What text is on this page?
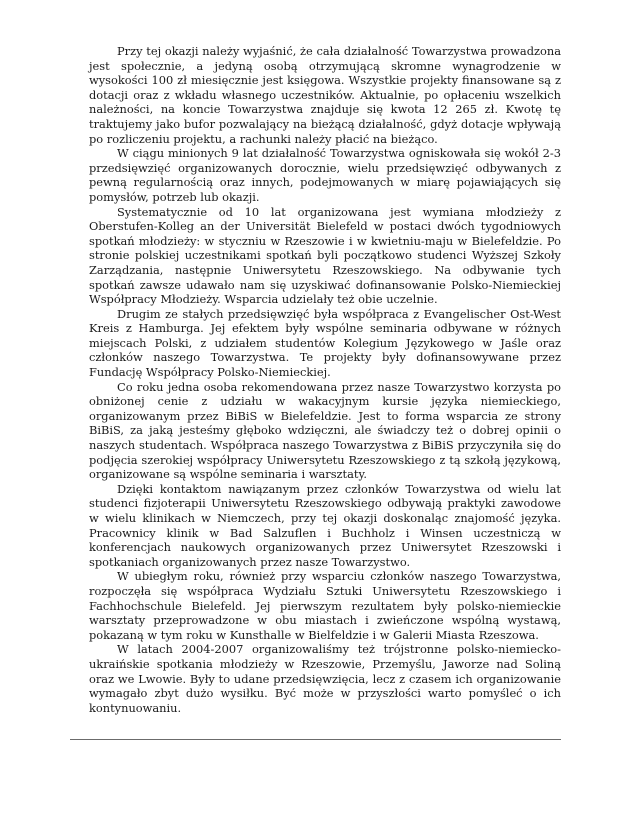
Przy tej okazji należy wyjaśnić, że cała działalność Towarzystwa prowadzona jest społecznie, a jedyną osobą otrzymującą skromne wynagrodzenie w wysokości 100 zł miesięcznie jest księgowa. Wszystkie projekty finansowane są z dotacji oraz z wkładu własnego uczestników. Aktualnie, po opłaceniu wszelkich należności, na koncie Towarzystwa znajduje się kwota 12 265 zł. Kwotę tę traktujemy jako bufor pozwalający na bieżącą działalność, gdyż dotacje wpływają po rozliczeniu projektu, a rachunki należy płacić na bieżąco.

W ciągu minionych 9 lat działalność Towarzystwa ogniskowała się wokół 2-3 przedsięwzięć organizowanych dorocznie, wielu przedsięwzięć odbywanych z pewną regularnością oraz innych, podejmowanych w miarę pojawiających się pomysłów, potrzeb lub okazji.

Systematycznie od 10 lat organizowana jest wymiana młodzieży z Oberstufen-Kolleg an der Universität Bielefeld w postaci dwóch tygodniowych spotkań młodzieży: w styczniu w Rzeszowie i w kwietniu-maju w Bielefeldzie. Po stronie polskiej uczestnikami spotkań byli początkowo studenci Wyższej Szkoły Zarządzania, następnie Uniwersytetu Rzeszowskiego. Na odbywanie tych spotkań zawsze udawało nam się uzyskiwać dofinansowanie Polsko-Niemieckiej Współpracy Młodzieży. Wsparcia udzielały też obie uczelnie.

Drugim ze stałych przedsięwzięć była współpraca z Evangelischer Ost-West Kreis z Hamburga. Jej efektem były wspólne seminaria odbywane w różnych miejscach Polski, z udziałem studentów Kolegium Językowego w Jaśle oraz członków naszego Towarzystwa. Te projekty były dofinansowywane przez Fundację Współpracy Polsko-Niemieckiej.

Co roku jedna osoba rekomendowana przez nasze Towarzystwo korzysta po obniżonej cenie z udziału w wakacyjnym kursie języka niemieckiego, organizowanym przez BiBiS w Bielefeldzie. Jest to forma wsparcia ze strony BiBiS, za jaką jesteśmy głęboko wdzięczni, ale świadczy też o dobrej opinii o naszych studentach. Współpraca naszego Towarzystwa z BiBiS przyczyniła się do podjęcia szerokiej współpracy Uniwersytetu Rzeszowskiego z tą szkołą językową, organizowane są wspólne seminaria i warsztaty.

Dzięki kontaktom nawiązanym przez członków Towarzystwa od wielu lat studenci fizjoterapii Uniwersytetu Rzeszowskiego odbywają praktyki zawodowe w wielu klinikach w Niemczech, przy tej okazji doskonaląc znajomość języka. Pracownicy klinik w Bad Salzuflen i Buchholz i Winsen uczestniczą w konferencjach naukowych organizowanych przez Uniwersytet Rzeszowski i spotkaniach organizowanych przez nasze Towarzystwo.

W ubiegłym roku, również przy wsparciu członków naszego Towarzystwa, rozpoczęła się współpraca Wydziału Sztuki Uniwersytetu Rzeszowskiego i Fachhochschule Bielefeld. Jej pierwszym rezultatem były polsko-niemieckie warsztaty przeprowadzone w obu miastach i zwieńczone wspólną wystawą, pokazaną w tym roku w Kunsthalle w Bielfeldzie i w Galerii Miasta Rzeszowa.

W latach 2004-2007 organizowaliśmy też trójstronne polsko-niemiecko-ukraińskie spotkania młodzieży w Rzeszowie, Przemyślu, Jaworze nad Soliną oraz we Lwowie. Były to udane przedsięwzięcia, lecz z czasem ich organizowanie wymagało zbyt dużo wysiłku. Być może w przyszłości warto pomyśleć o ich kontynuowaniu.
